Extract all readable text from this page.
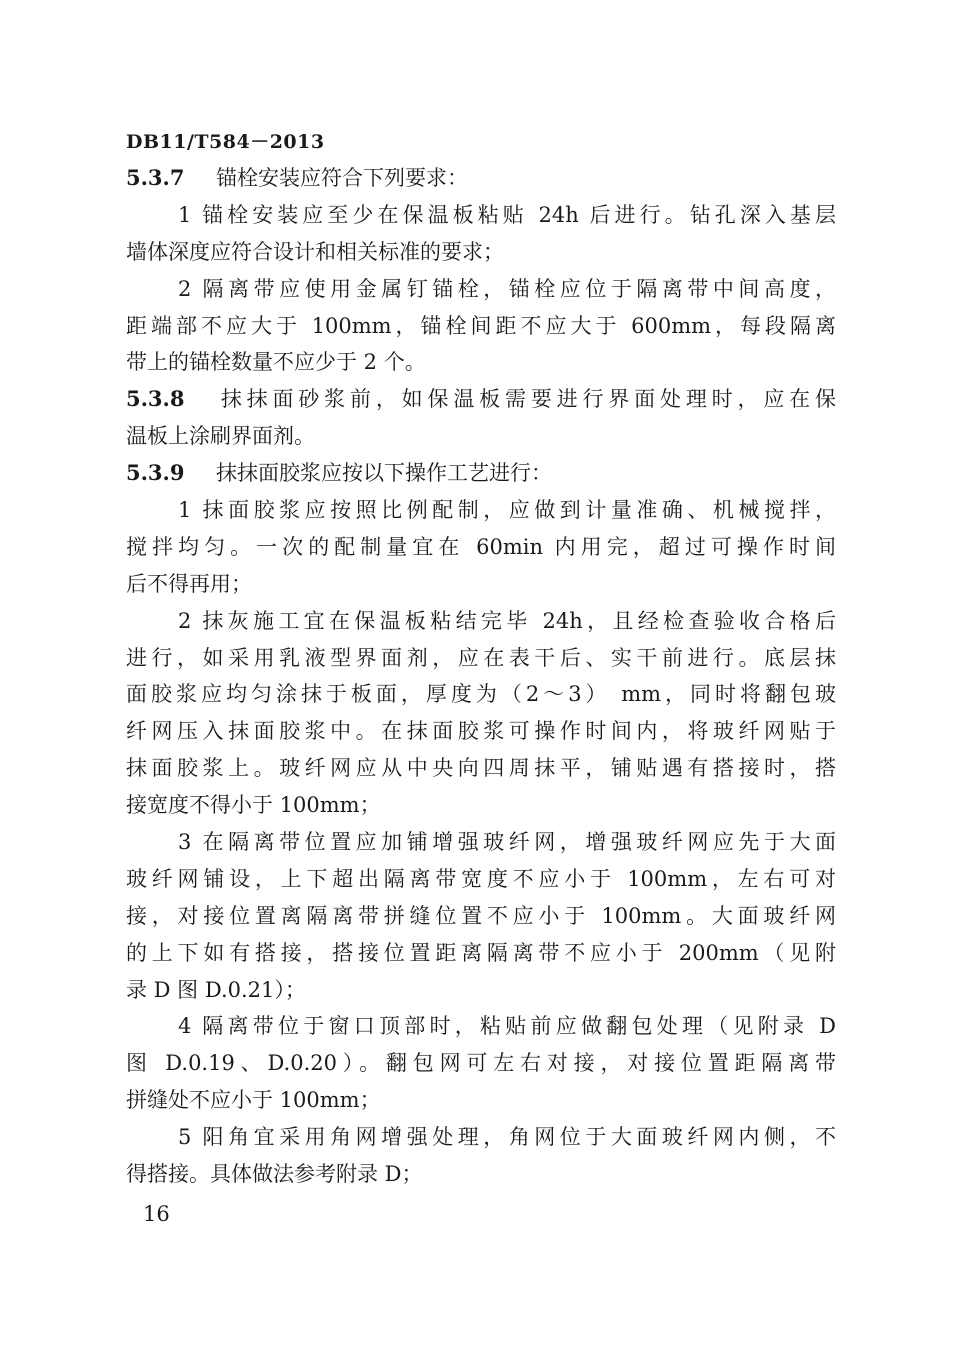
DB11/T584－2013
5.3.7 锚栓安装应符合下列要求：
1 锚栓安装应至少在保温板粘贴 24h 后进行。钻孔深入基层
墙体深度应符合设计和相关标准的要求；
2 隔离带应使用金属钉锚栓，锚栓应位于隔离带中间高度，
距端部不应大于 100mm，锚栓间距不应大于 600mm，每段隔离
带上的锚栓数量不应少于 2 个。
5.3.8 抹抹面砂浆前，如保温板需要进行界面处理时，应在保
温板上涂刷界面剂。
5.3.9 抹抹面胶浆应按以下操作工艺进行：
1 抹面胶浆应按照比例配制，应做到计量准确、机械搅拌，
搅拌均匀。一次的配制量宜在 60min 内用完，超过可操作时间
后不得再用；
2 抹灰施工宜在保温板粘结完毕 24h，且经检查验收合格后
进行，如采用乳液型界面剂，应在表干后、实干前进行。底层抹
面胶浆应均匀涂抹于板面，厚度为（2～3） mm，同时将翻包玻
纤网压入抹面胶浆中。在抹面胶浆可操作时间内，将玻纤网贴于
抹面胶浆上。玻纤网应从中央向四周抹平，铺贴遇有搭接时，搭
接宽度不得小于 100mm；
3 在隔离带位置应加铺增强玻纤网，增强玻纤网应先于大面
玻纤网铺设，上下超出隔离带宽度不应小于 100mm，左右可对
接，对接位置离隔离带拼缝位置不应小于 100mm。大面玻纤网
的上下如有搭接，搭接位置距离隔离带不应小于 200mm（见附
录 D 图 D.0.21）；
4 隔离带位于窗口顶部时，粘贴前应做翻包处理（见附录 D
图 D.0.19、D.0.20）。翻包网可左右对接，对接位置距隔离带
拼缝处不应小于 100mm；
5 阳角宜采用角网增强处理，角网位于大面玻纤网内侧，不
得搭接。具体做法参考附录 D；
16
